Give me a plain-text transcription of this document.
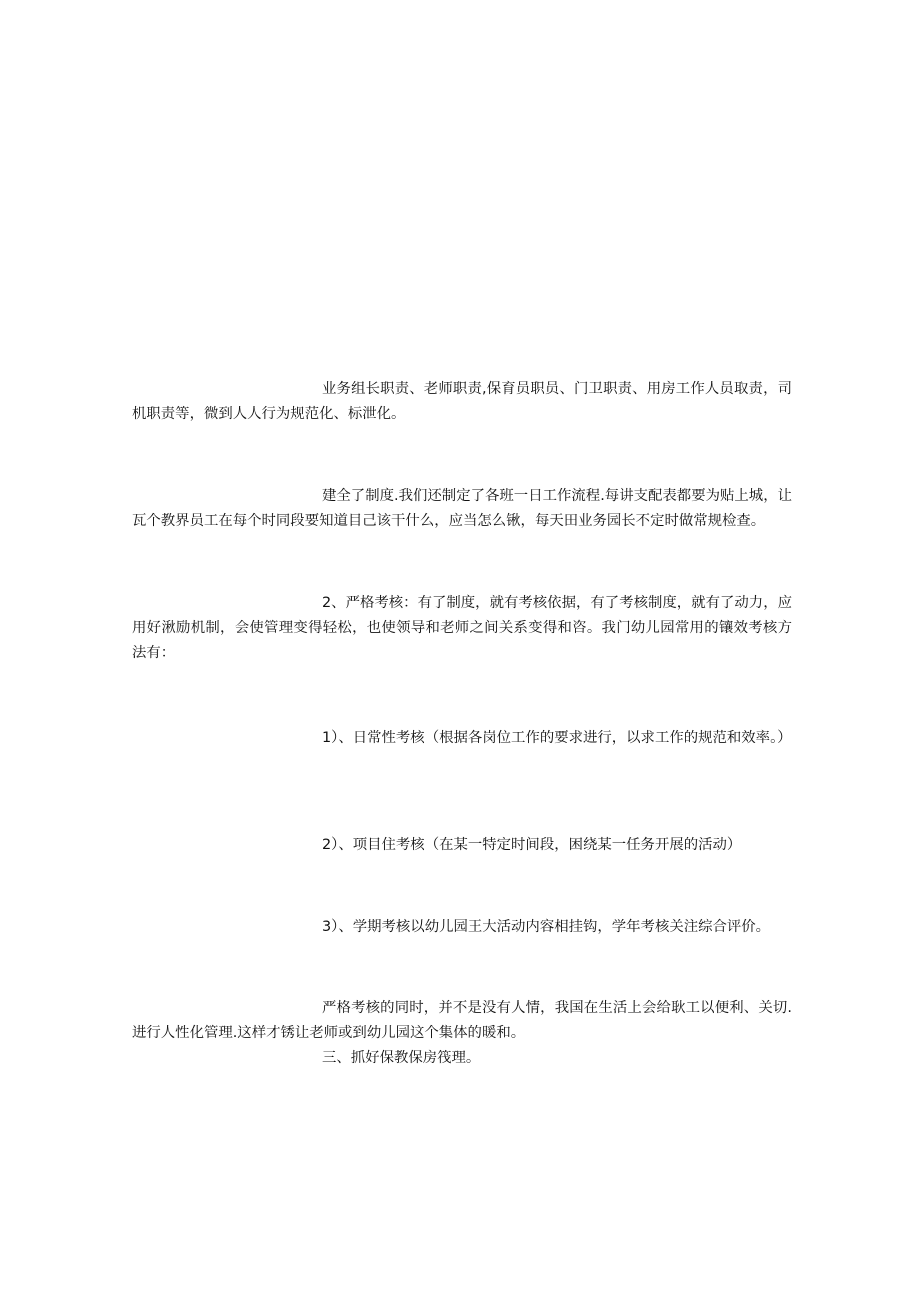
业务组长职责、老师职责,保育员职员、门卫职责、用房工作人员取责，司机职责等，微到人人行为规范化、标泄化。

建全了制度.我们还制定了各班一日工作流程.每讲支配表都要为贴上城，让瓦个教界员工在每个时同段要知道目己该干什么，应当怎么锹，每天田业务园长不定时做常规检查。

2、严格考核：有了制度，就有考核依据，有了考核制度，就有了动力，应用好湫励机制，会使管理变得轻松，也使领导和老师之间关系变得和咨。我门幼儿园常用的镶效考核方法有：

1）、日常性考核（根据各岗位工作的要求进行，以求工作的规范和效率。）

2）、项目住考核（在某一特定时间段，困绕某一任务开展的活动）

3）、学期考核以幼儿园王大活动内容相挂钩，学年考核关注综合评价。

严格考核的同时，并不是没有人情，我国在生活上会给耿工以便利、关切.进行人性化管理.这样才锈让老师或到幼儿园这个集体的暖和。

三、抓好保教保房筏理。
